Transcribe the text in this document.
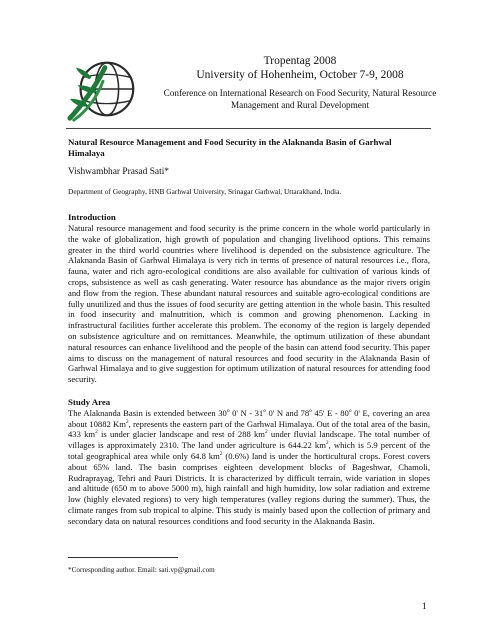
Tropentag 2008
University of Hohenheim, October 7-9, 2008
Conference on International Research on Food Security, Natural Resource Management and Rural Development

Natural Resource Management and Food Security in the Alaknanda Basin of Garhwal Himalaya

Vishwambhar Prasad Sati*
Department of Geography, HNB Garhwal University, Srinagar Garhwal, Uttarakhand, India.
Introduction

Natural resource management and food security is the prime concern in the whole world particularly in the wake of globalization, high growth of population and changing livelihood options. This remains greater in the third world countries where livelihood is depended on the subsistence agriculture. The Alaknanda Basin of Garhwal Himalaya is very rich in terms of presence of natural resources i.e., flora, fauna, water and rich agro-ecological conditions are also available for cultivation of various kinds of crops, subsistence as well as cash generating. Water resource has abundance as the major rivers origin and flow from the region. These abundant natural resources and suitable agro-ecological conditions are fully unutilized and thus the issues of food security are getting attention in the whole basin. This resulted in food insecurity and malnutrition, which is common and growing phenomenon. Lacking in infrastructural facilities further accelerate this problem. The economy of the region is largely depended on subsistence agriculture and on remittances. Meanwhile, the optimum utilization of these abundant natural resources can enhance livelihood and the people of the basin can attend food security. This paper aims to discuss on the management of natural resources and food security in the Alaknanda Basin of Garhwal Himalaya and to give suggestion for optimum utilization of natural resources for attending food security.

Study Area

The Alaknanda Basin is extended between 30$^o$ 0' N - 31$^o$ 0' N and 78$^o$ 45' E - 80$^o$ 0' E, covering an area about 10882 Km$^2$, represents the eastern part of the Garhwal Himalaya. Out of the total area of the basin, 433 $km^2$ is under glacier landscape and rest of 288 $km^2$ under fluvial landscape. The total number of villages is approximately 2310. The land under agriculture is 644.22 $km^2$, which is 5.9 percent of the total geographical area while only 64.8 $km^2$ (0.6%) land is under the horticultural crops. Forest covers about 65% land. The basin comprises eighteen development blocks of Bageshwar, Chamoli, Rudraprayag, Tehri and Pauri Districts. It is characterized by difficult terrain, wide variation in slopes and altitude (650 m to above 5000 m), high rainfall and high humidity, low solar radiation and extreme low (highly elevated regions) to very high temperatures (valley regions during the summer). Thus, the climate ranges from sub tropical to alpine. This study is mainly based upon the collection of primary and secondary data on natural resources conditions and food security in the Alaknanda Basin.

*Corresponding author. Email: sati.vp@gmail.com
1
